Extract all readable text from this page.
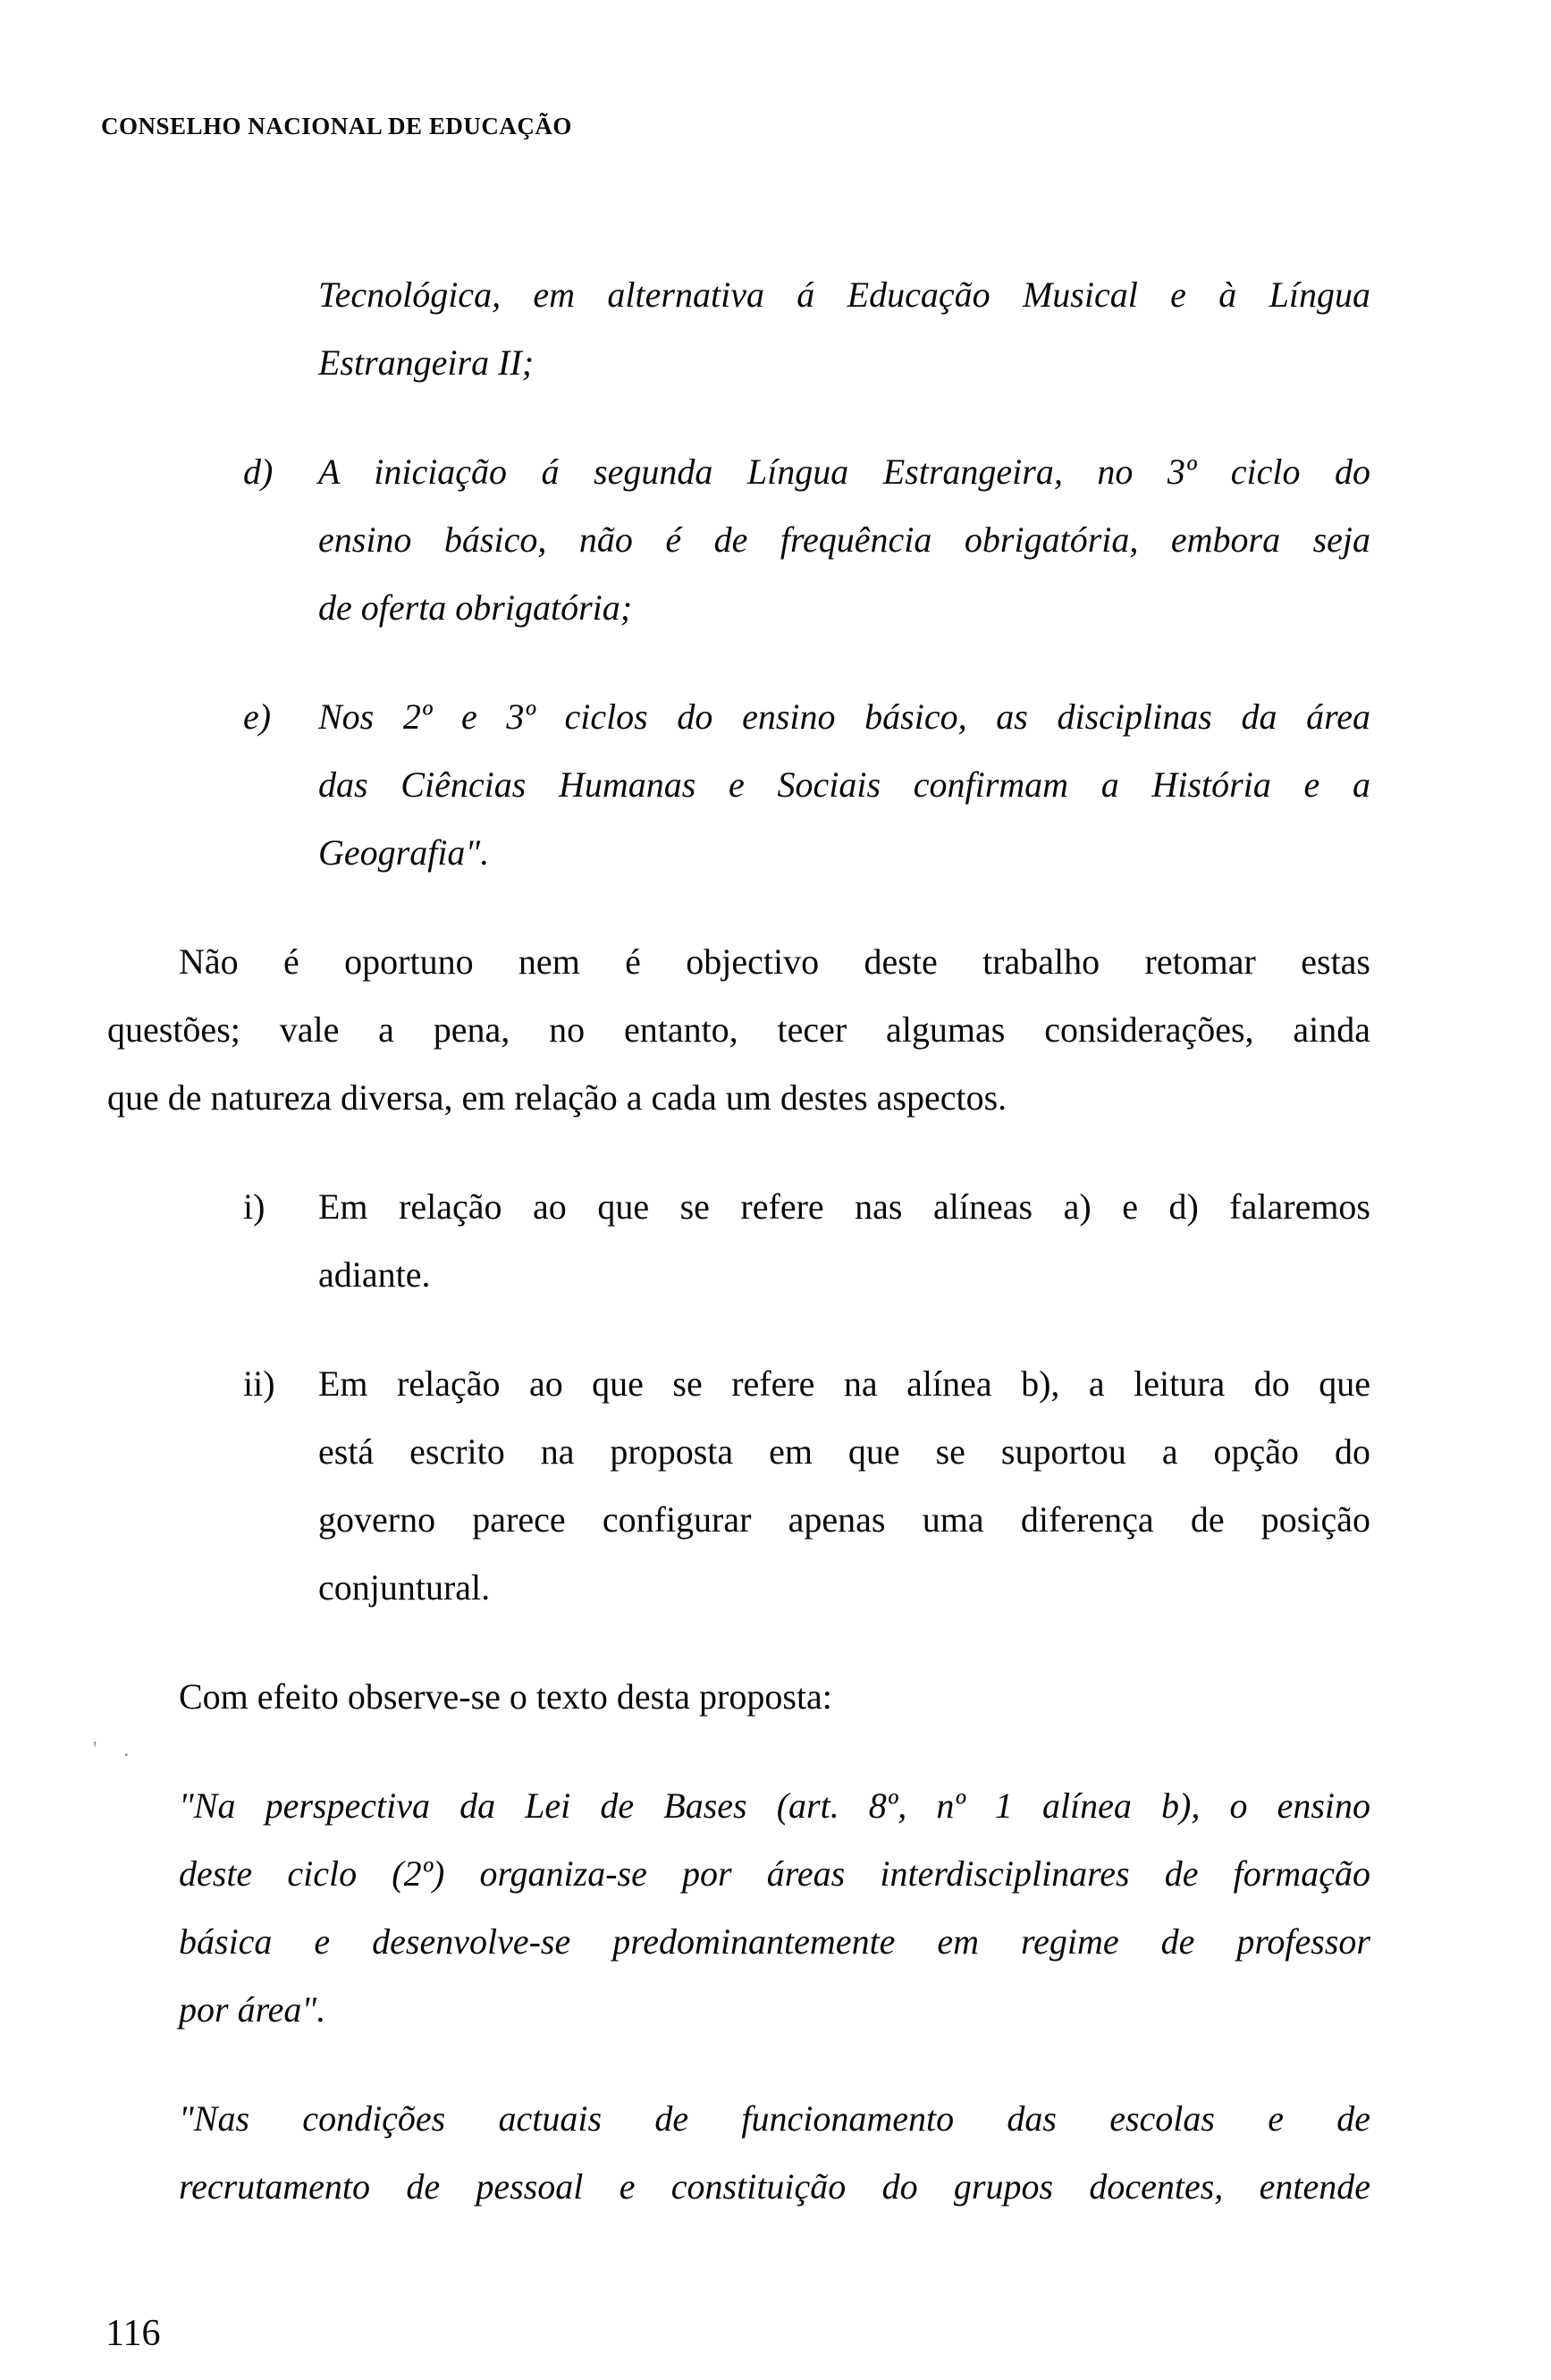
CONSELHO NACIONAL DE EDUCAÇÃO
Tecnológica, em alternativa á Educação Musical e à Língua
Estrangeira II;
d) A iniciação á segunda Língua Estrangeira, no 3º ciclo do
ensino básico, não é de frequência obrigatória, embora seja
de oferta obrigatória;
e) Nos 2º e 3º ciclos do ensino básico, as disciplinas da área
das Ciências Humanas e Sociais confirmam a História e a
Geografia".
Não é oportuno nem é objectivo deste trabalho retomar estas
questões; vale a pena, no entanto, tecer algumas considerações, ainda
que de natureza diversa, em relação a cada um destes aspectos.
i) Em relação ao que se refere nas alíneas a) e d) falaremos
adiante.
ii) Em relação ao que se refere na alínea b), a leitura do que
está escrito na proposta em que se suportou a opção do
governo parece configurar apenas uma diferença de posição
conjuntural.
Com efeito observe-se o texto desta proposta:
"Na perspectiva da Lei de Bases (art. 8º, nº 1 alínea b), o ensino
deste ciclo (2º) organiza-se por áreas interdisciplinares de formação
básica e desenvolve-se predominantemente em regime de professor
por área".
"Nas condições actuais de funcionamento das escolas e de
recrutamento de pessoal e constituição do grupos docentes, entende
' .
116
